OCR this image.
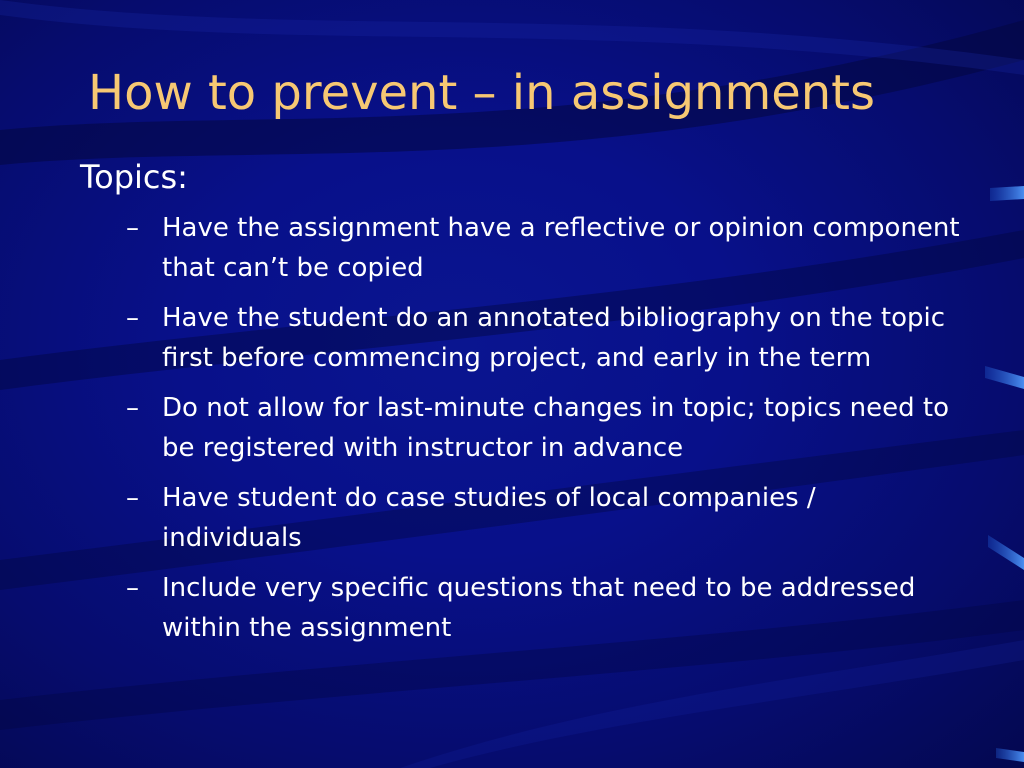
How to prevent – in assignments

Topics:

– Have the assignment have a reflective or opinion component that can’t be copied
– Have the student do an annotated bibliography on the topic first before commencing project, and early in the term
– Do not allow for last-minute changes in topic; topics need to be registered with instructor in advance
– Have student do case studies of local companies / individuals
– Include very specific questions that need to be addressed within the assignment
